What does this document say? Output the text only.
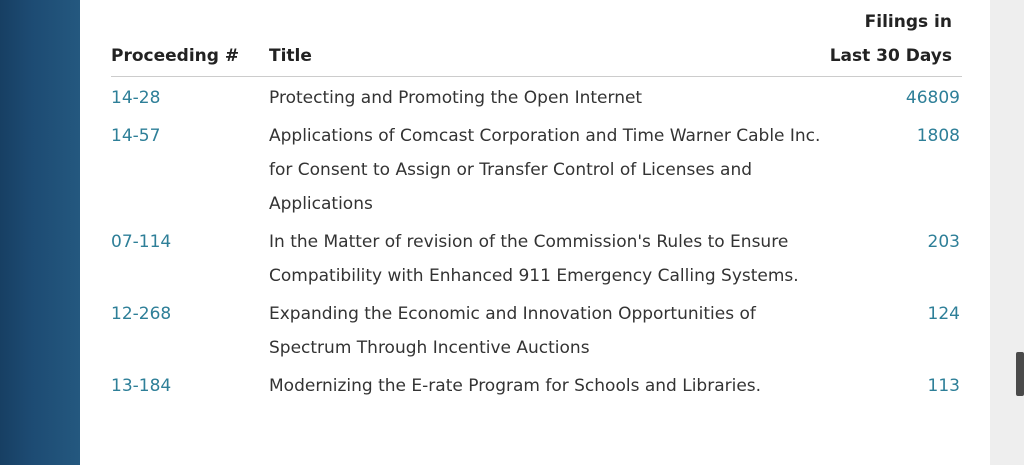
Proceeding #	Title	Filings in
Last 30 Days

14-28	Protecting and Promoting the Open Internet	46809
14-57	Applications of Comcast Corporation and Time Warner Cable Inc. for Consent to Assign or Transfer Control of Licenses and Applications	1808
07-114	In the Matter of revision of the Commission's Rules to Ensure Compatibility with Enhanced 911 Emergency Calling Systems.	203
12-268	Expanding the Economic and Innovation Opportunities of Spectrum Through Incentive Auctions	124
13-184	Modernizing the E-rate Program for Schools and Libraries.	113
